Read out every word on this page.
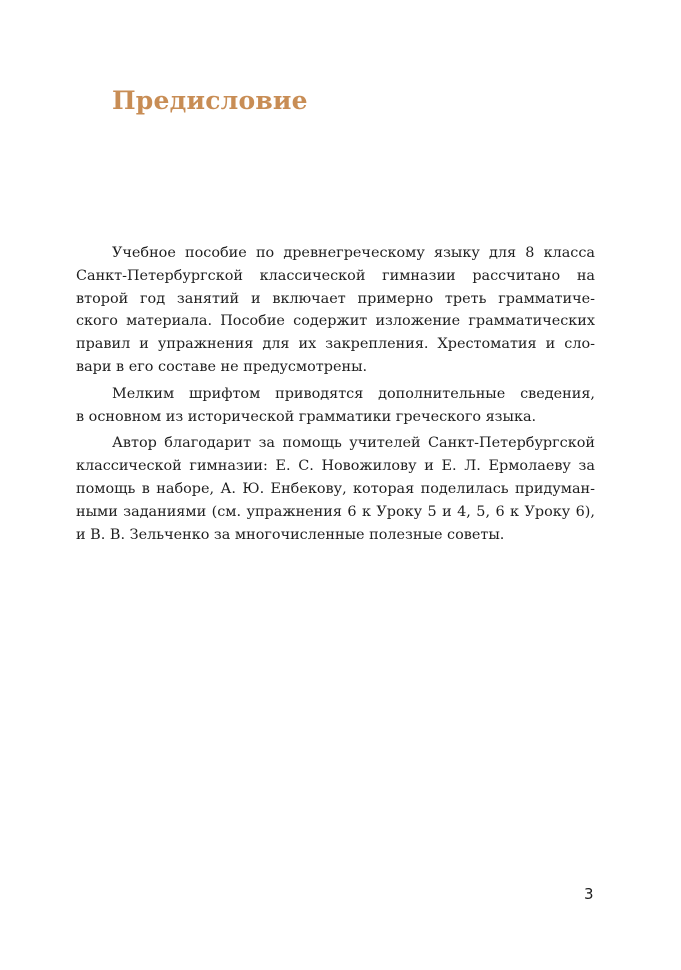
Предисловие

Учебное пособие по древнегреческому языку для 8 класса
Санкт-Петербургской классической гимназии рассчитано на
второй год занятий и включает примерно треть грамматиче-
ского материала. Пособие содержит изложение грамматических
правил и упражнения для их закрепления. Хрестоматия и сло-
вари в его составе не предусмотрены.

Мелким шрифтом приводятся дополнительные сведения,
в основном из исторической грамматики греческого языка.

Автор благодарит за помощь учителей Санкт-Петербургской
классической гимназии: Е. С. Новожилову и Е. Л. Ермолаеву за
помощь в наборе, А. Ю. Енбекову, которая поделилась придуман-
ными заданиями (см. упражнения 6 к Уроку 5 и 4, 5, 6 к Уроку 6),
и В. В. Зельченко за многочисленные полезные советы.

3
